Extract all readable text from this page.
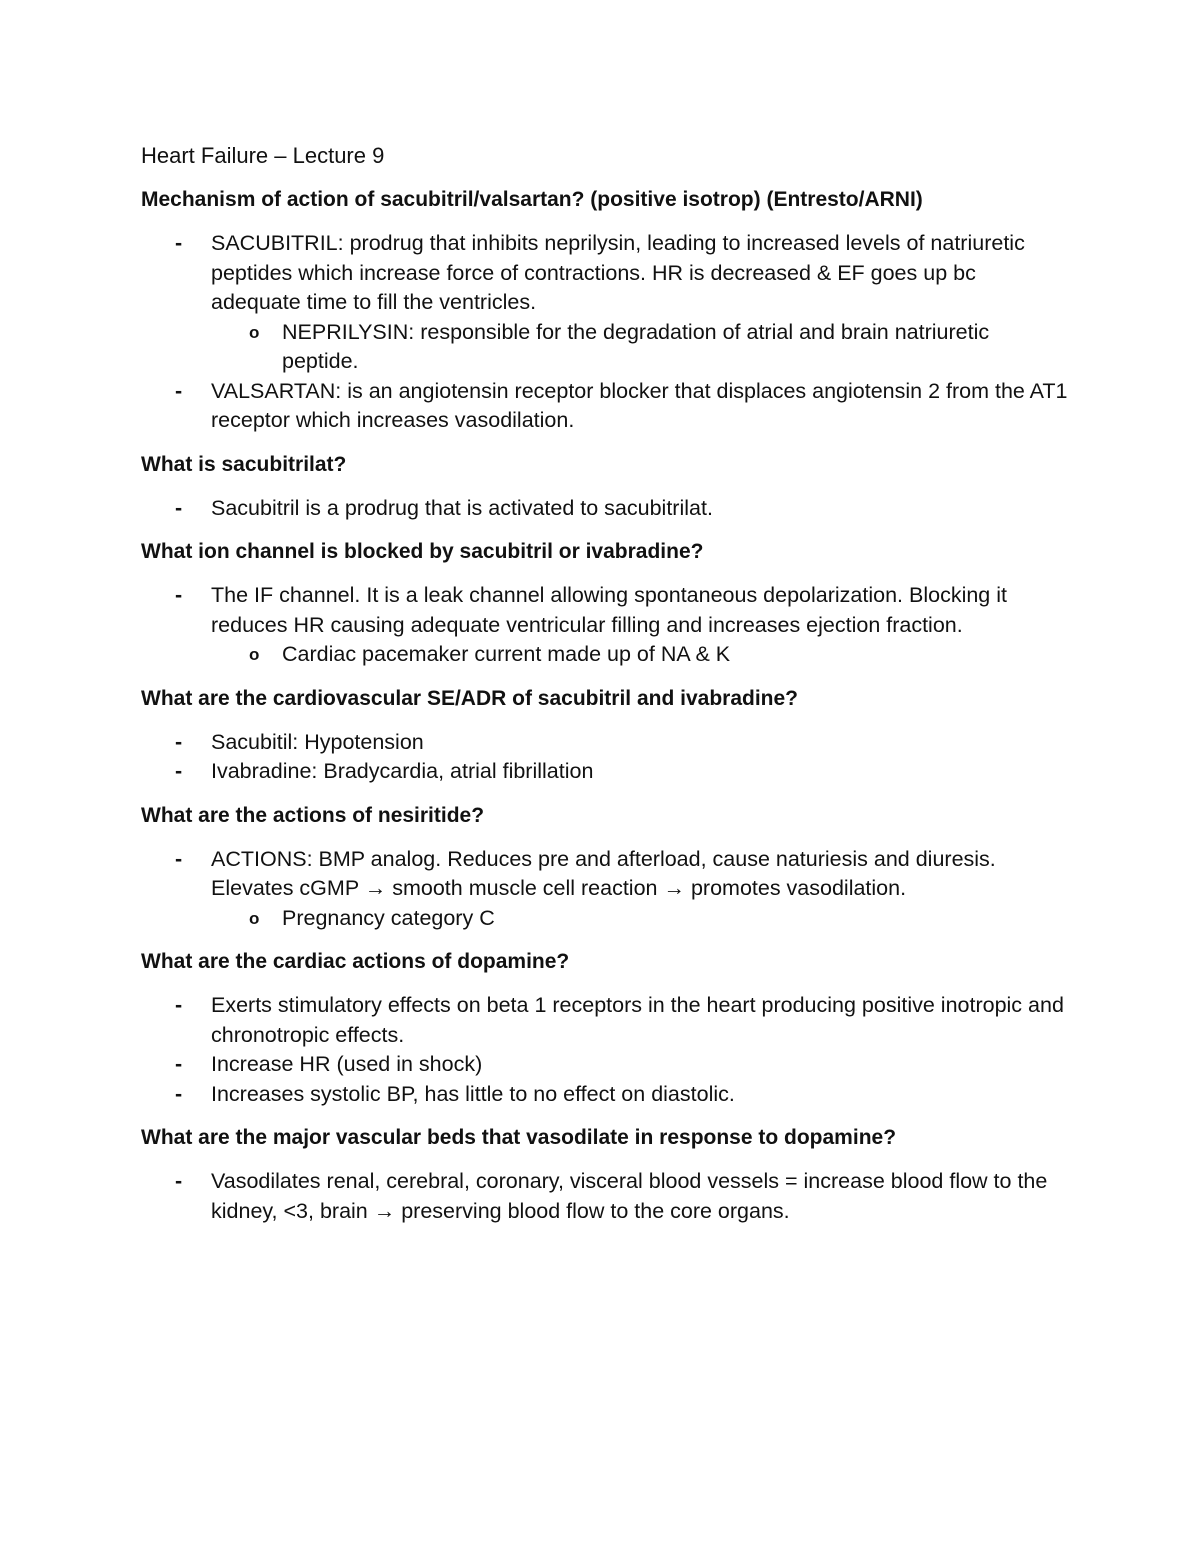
Heart Failure – Lecture 9
Mechanism of action of sacubitril/valsartan? (positive isotrop) (Entresto/ARNI)
- SACUBITRIL: prodrug that inhibits neprilysin, leading to increased levels of natriuretic peptides which increase force of contractions. HR is decreased & EF goes up bc adequate time to fill the ventricles.
o NEPRILYSIN: responsible for the degradation of atrial and brain natriuretic peptide.
- VALSARTAN: is an angiotensin receptor blocker that displaces angiotensin 2 from the AT1 receptor which increases vasodilation.
What is sacubitrilat?
- Sacubitril is a prodrug that is activated to sacubitrilat.
What ion channel is blocked by sacubitril or ivabradine?
- The IF channel. It is a leak channel allowing spontaneous depolarization. Blocking it reduces HR causing adequate ventricular filling and increases ejection fraction.
o Cardiac pacemaker current made up of NA & K
What are the cardiovascular SE/ADR of sacubitril and ivabradine?
- Sacubitil: Hypotension
- Ivabradine: Bradycardia, atrial fibrillation
What are the actions of nesiritide?
- ACTIONS: BMP analog. Reduces pre and afterload, cause naturiesis and diuresis. Elevates cGMP → smooth muscle cell reaction → promotes vasodilation.
o Pregnancy category C
What are the cardiac actions of dopamine?
- Exerts stimulatory effects on beta 1 receptors in the heart producing positive inotropic and chronotropic effects.
- Increase HR (used in shock)
- Increases systolic BP, has little to no effect on diastolic.
What are the major vascular beds that vasodilate in response to dopamine?
- Vasodilates renal, cerebral, coronary, visceral blood vessels = increase blood flow to the kidney, <3, brain → preserving blood flow to the core organs.
